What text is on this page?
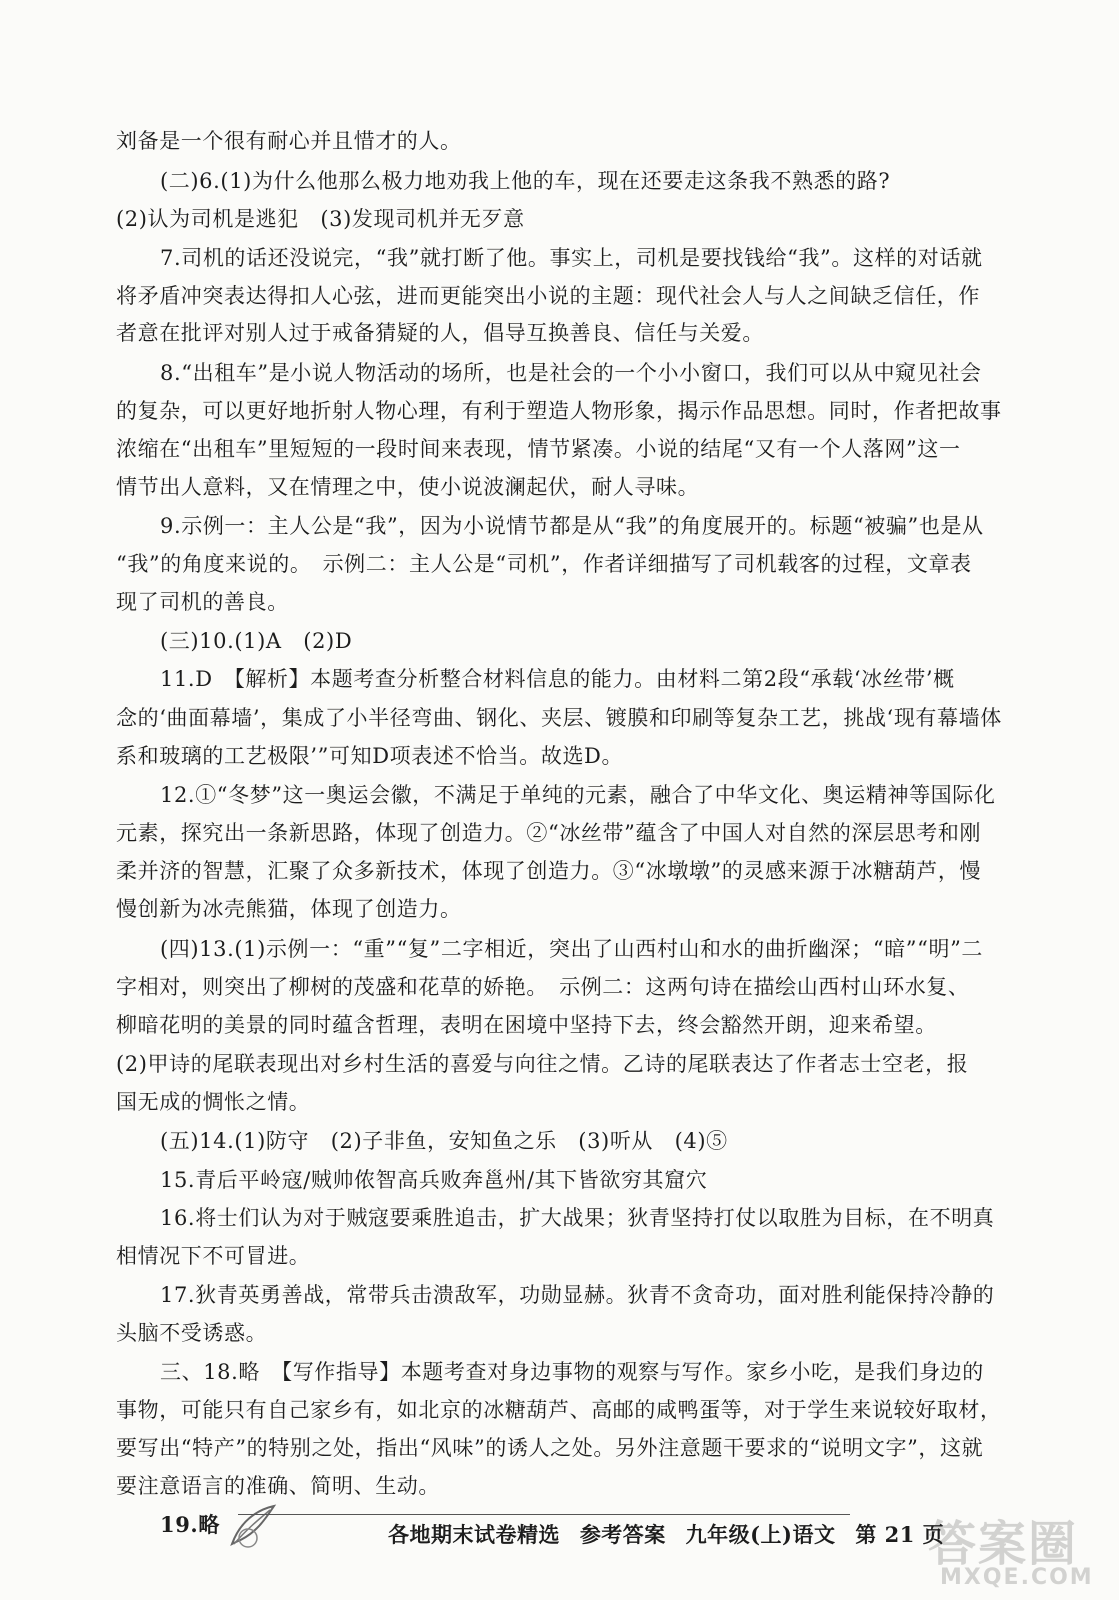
刘备是一个很有耐心并且惜才的人。
(二)6.(1)为什么他那么极力地劝我上他的车，现在还要走这条我不熟悉的路?
(2)认为司机是逃犯　(3)发现司机并无歹意
7.司机的话还没说完，“我”就打断了他。事实上，司机是要找钱给“我”。这样的对话就
将矛盾冲突表达得扣人心弦，进而更能突出小说的主题：现代社会人与人之间缺乏信任，作
者意在批评对别人过于戒备猜疑的人，倡导互换善良、信任与关爱。
8.“出租车”是小说人物活动的场所，也是社会的一个小小窗口，我们可以从中窥见社会
的复杂，可以更好地折射人物心理，有利于塑造人物形象，揭示作品思想。同时，作者把故事
浓缩在“出租车”里短短的一段时间来表现，情节紧凑。小说的结尾“又有一个人落网”这一
情节出人意料，又在情理之中，使小说波澜起伏，耐人寻味。
9.示例一：主人公是“我”，因为小说情节都是从“我”的角度展开的。标题“被骗”也是从
“我”的角度来说的。　示例二：主人公是“司机”，作者详细描写了司机载客的过程，文章表
现了司机的善良。
(三)10.(1)A　(2)D
11.D　【解析】本题考查分析整合材料信息的能力。由材料二第2段“承载‘冰丝带’概
念的‘曲面幕墙’，集成了小半径弯曲、钢化、夹层、镀膜和印刷等复杂工艺，挑战‘现有幕墙体
系和玻璃的工艺极限’”可知D项表述不恰当。故选D。
12.①“冬梦”这一奥运会徽，不满足于单纯的元素，融合了中华文化、奥运精神等国际化
元素，探究出一条新思路，体现了创造力。②“冰丝带”蕴含了中国人对自然的深层思考和刚
柔并济的智慧，汇聚了众多新技术，体现了创造力。③“冰墩墩”的灵感来源于冰糖葫芦，慢
慢创新为冰壳熊猫，体现了创造力。
(四)13.(1)示例一：“重”“复”二字相近，突出了山西村山和水的曲折幽深；“暗”“明”二
字相对，则突出了柳树的茂盛和花草的娇艳。　示例二：这两句诗在描绘山西村山环水复、
柳暗花明的美景的同时蕴含哲理，表明在困境中坚持下去，终会豁然开朗，迎来希望。
(2)甲诗的尾联表现出对乡村生活的喜爱与向往之情。乙诗的尾联表达了作者志士空老，报
国无成的惆怅之情。
(五)14.(1)防守　(2)子非鱼，安知鱼之乐　(3)听从　(4)⑤
15.青后平岭寇/贼帅侬智高兵败奔邕州/其下皆欲穷其窟穴
16.将士们认为对于贼寇要乘胜追击，扩大战果；狄青坚持打仗以取胜为目标，在不明真
相情况下不可冒进。
17.狄青英勇善战，常带兵击溃敌军，功勋显赫。狄青不贪奇功，面对胜利能保持冷静的
头脑不受诱惑。
三、18.略　【写作指导】本题考查对身边事物的观察与写作。家乡小吃，是我们身边的
事物，可能只有自己家乡有，如北京的冰糖葫芦、高邮的咸鸭蛋等，对于学生来说较好取材，
要写出“特产”的特别之处，指出“风味”的诱人之处。另外注意题干要求的“说明文字”，这就
要注意语言的准确、简明、生动。
19.略	各地期末试卷精选 参考答案 九年级(上)语文 第 21 页
答案圈
MXQE.COM
